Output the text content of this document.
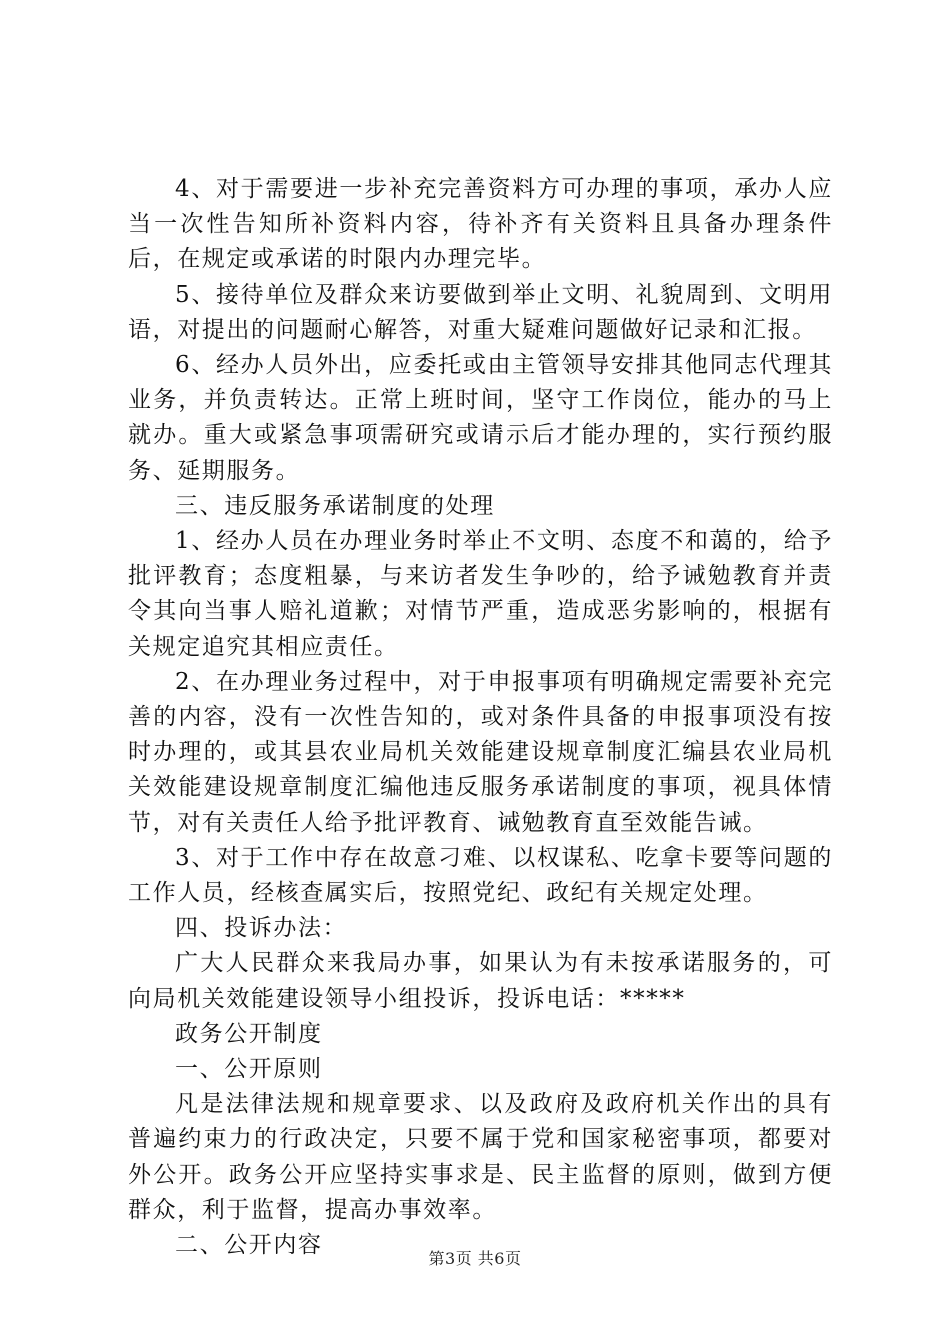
4、对于需要进一步补充完善资料方可办理的事项，承办人应当一次性告知所补资料内容，待补齐有关资料且具备办理条件后，在规定或承诺的时限内办理完毕。

5、接待单位及群众来访要做到举止文明、礼貌周到、文明用语，对提出的问题耐心解答，对重大疑难问题做好记录和汇报。

6、经办人员外出，应委托或由主管领导安排其他同志代理其业务，并负责转达。正常上班时间，坚守工作岗位，能办的马上就办。重大或紧急事项需研究或请示后才能办理的，实行预约服务、延期服务。

三、违反服务承诺制度的处理

1、经办人员在办理业务时举止不文明、态度不和蔼的，给予批评教育；态度粗暴，与来访者发生争吵的，给予诫勉教育并责令其向当事人赔礼道歉；对情节严重，造成恶劣影响的，根据有关规定追究其相应责任。

2、在办理业务过程中，对于申报事项有明确规定需要补充完善的内容，没有一次性告知的，或对条件具备的申报事项没有按时办理的，或其县农业局机关效能建设规章制度汇编县农业局机关效能建设规章制度汇编他违反服务承诺制度的事项，视具体情节，对有关责任人给予批评教育、诫勉教育直至效能告诫。

3、对于工作中存在故意刁难、以权谋私、吃拿卡要等问题的工作人员，经核查属实后，按照党纪、政纪有关规定处理。

四、投诉办法：

广大人民群众来我局办事，如果认为有未按承诺服务的，可向局机关效能建设领导小组投诉，投诉电话：*****

政务公开制度

一、公开原则

凡是法律法规和规章要求、以及政府及政府机关作出的具有普遍约束力的行政决定，只要不属于党和国家秘密事项，都要对外公开。政务公开应坚持实事求是、民主监督的原则，做到方便群众，利于监督，提高办事效率。

二、公开内容

第3页 共6页
